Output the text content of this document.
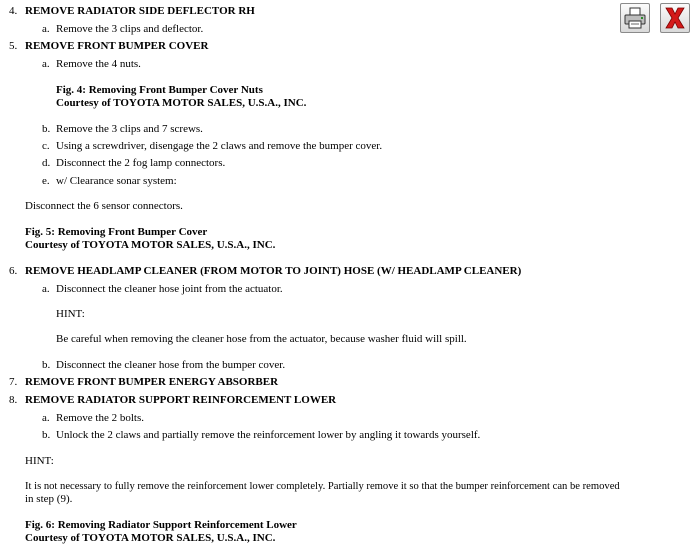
4. REMOVE RADIATOR SIDE DEFLECTOR RH
a. Remove the 3 clips and deflector.
5. REMOVE FRONT BUMPER COVER
a. Remove the 4 nuts.
Fig. 4: Removing Front Bumper Cover Nuts
Courtesy of TOYOTA MOTOR SALES, U.S.A., INC.
b. Remove the 3 clips and 7 screws.
c. Using a screwdriver, disengage the 2 claws and remove the bumper cover.
d. Disconnect the 2 fog lamp connectors.
e. w/ Clearance sonar system:
Disconnect the 6 sensor connectors.
Fig. 5: Removing Front Bumper Cover
Courtesy of TOYOTA MOTOR SALES, U.S.A., INC.
6. REMOVE HEADLAMP CLEANER (FROM MOTOR TO JOINT) HOSE (W/ HEADLAMP CLEANER)
a. Disconnect the cleaner hose joint from the actuator.
HINT:
Be careful when removing the cleaner hose from the actuator, because washer fluid will spill.
b. Disconnect the cleaner hose from the bumper cover.
7. REMOVE FRONT BUMPER ENERGY ABSORBER
8. REMOVE RADIATOR SUPPORT REINFORCEMENT LOWER
a. Remove the 2 bolts.
b. Unlock the 2 claws and partially remove the reinforcement lower by angling it towards yourself.
HINT:
It is not necessary to fully remove the reinforcement lower completely. Partially remove it so that the bumper reinforcement can be removed
in step (9).
Fig. 6: Removing Radiator Support Reinforcement Lower
Courtesy of TOYOTA MOTOR SALES, U.S.A., INC.
